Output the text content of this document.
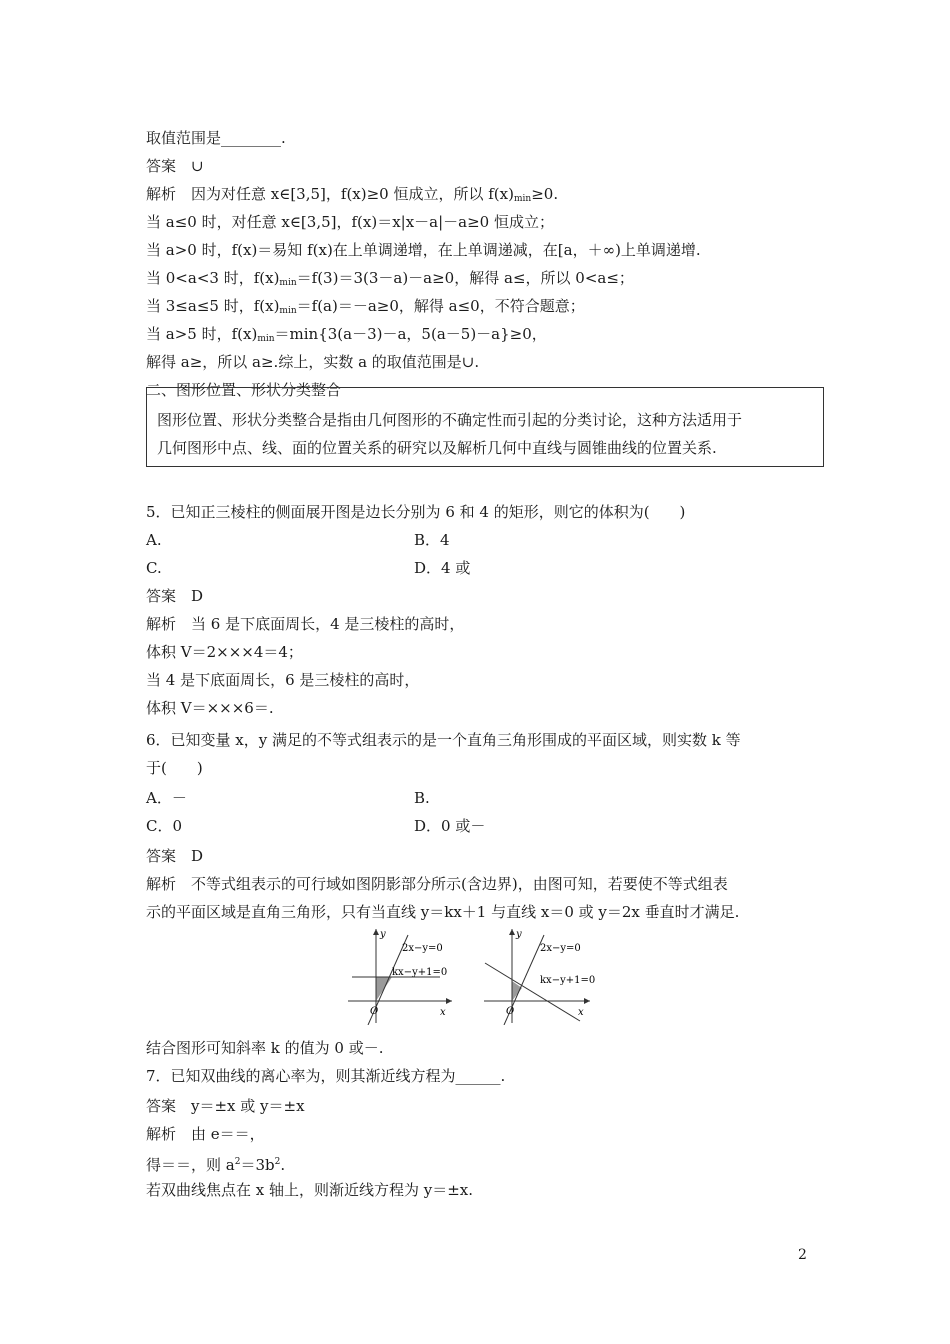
取值范围是________.
答案　∪
解析　因为对任意 x∈[3,5]，f(x)≥0 恒成立，所以 $f(x)_{min}\ge 0$.
当 a≤0 时，对任意 x∈[3,5]，f(x)＝x|x－a|－a≥0 恒成立；
当 a>0 时，f(x)＝易知 f(x)在上单调递增，在上单调递减，在[a，＋∞)上单调递增.
当 0<a<3 时，$f(x)_{min}=f(3)=3(3-a)-a\ge 0$，解得 a≤，所以 0<a≤；
当 3≤a≤5 时，$f(x)_{min}=f(a)=-a\ge 0$，解得 a≤0，不符合题意；
当 a>5 时，$f(x)_{min}=\min\{3(a-3)-a$，5(a－5)－a}≥0，
解得 a≥，所以 a≥.综上，实数 a 的取值范围是∪.
二、图形位置、形状分类整合
图形位置、形状分类整合是指由几何图形的不确定性而引起的分类讨论，这种方法适用于
几何图形中点、线、面的位置关系的研究以及解析几何中直线与圆锥曲线的位置关系.
5．已知正三棱柱的侧面展开图是边长分别为 6 和 4 的矩形，则它的体积为(　　)
A.	B．4
C.	D．4 或
答案　D
解析　当 6 是下底面周长，4 是三棱柱的高时，
体积 V＝2×××4＝4；
当 4 是下底面周长，6 是三棱柱的高时，
体积 V＝×××6＝.
6．已知变量 x，y 满足的不等式组表示的是一个直角三角形围成的平面区域，则实数 k 等
于(　　)
A．－	B.
C．0	D．0 或－
答案　D
解析　不等式组表示的可行域如图阴影部分所示(含边界)，由图可知，若要使不等式组表
示的平面区域是直角三角形，只有当直线 y＝kx＋1 与直线 x＝0 或 y＝2x 垂直时才满足.
y
x
O
2x−y=0
kx−y+1=0
y
x
O
2x−y=0
kx−y+1=0
结合图形可知斜率 k 的值为 0 或－.
7．已知双曲线的离心率为，则其渐近线方程为______.
答案　y＝±x 或 y＝±x
解析　由 e＝＝，
得＝＝，则 $a^2=3b^2$.
若双曲线焦点在 x 轴上，则渐近线方程为 y＝±x.
2
